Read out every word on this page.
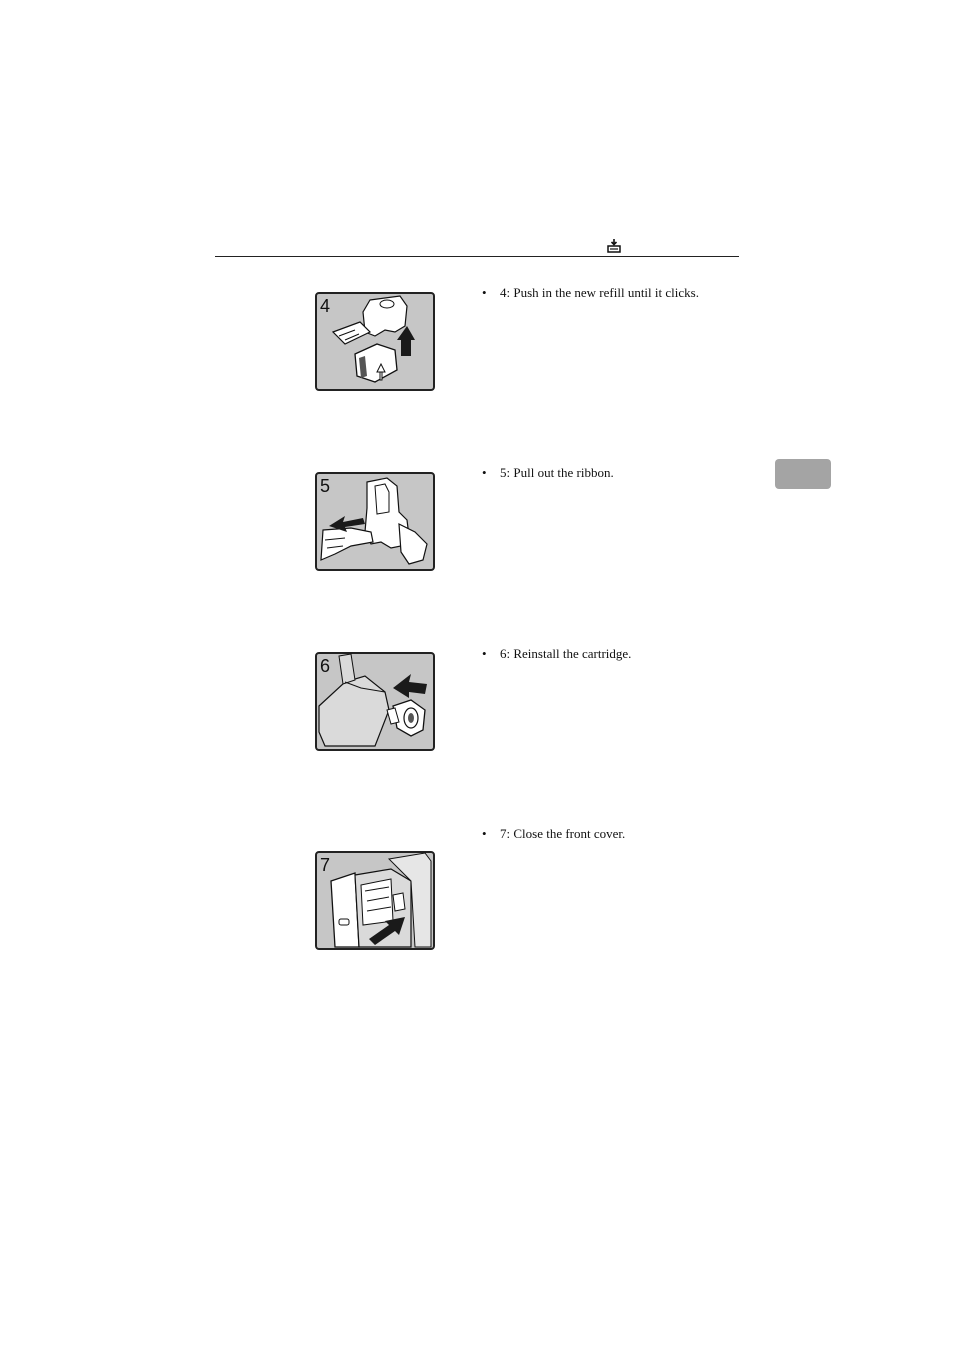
4
• 4: Push in the new refill until it clicks.
5
• 5: Pull out the ribbon.
6
• 6: Reinstall the cartridge.
7
• 7: Close the front cover.
